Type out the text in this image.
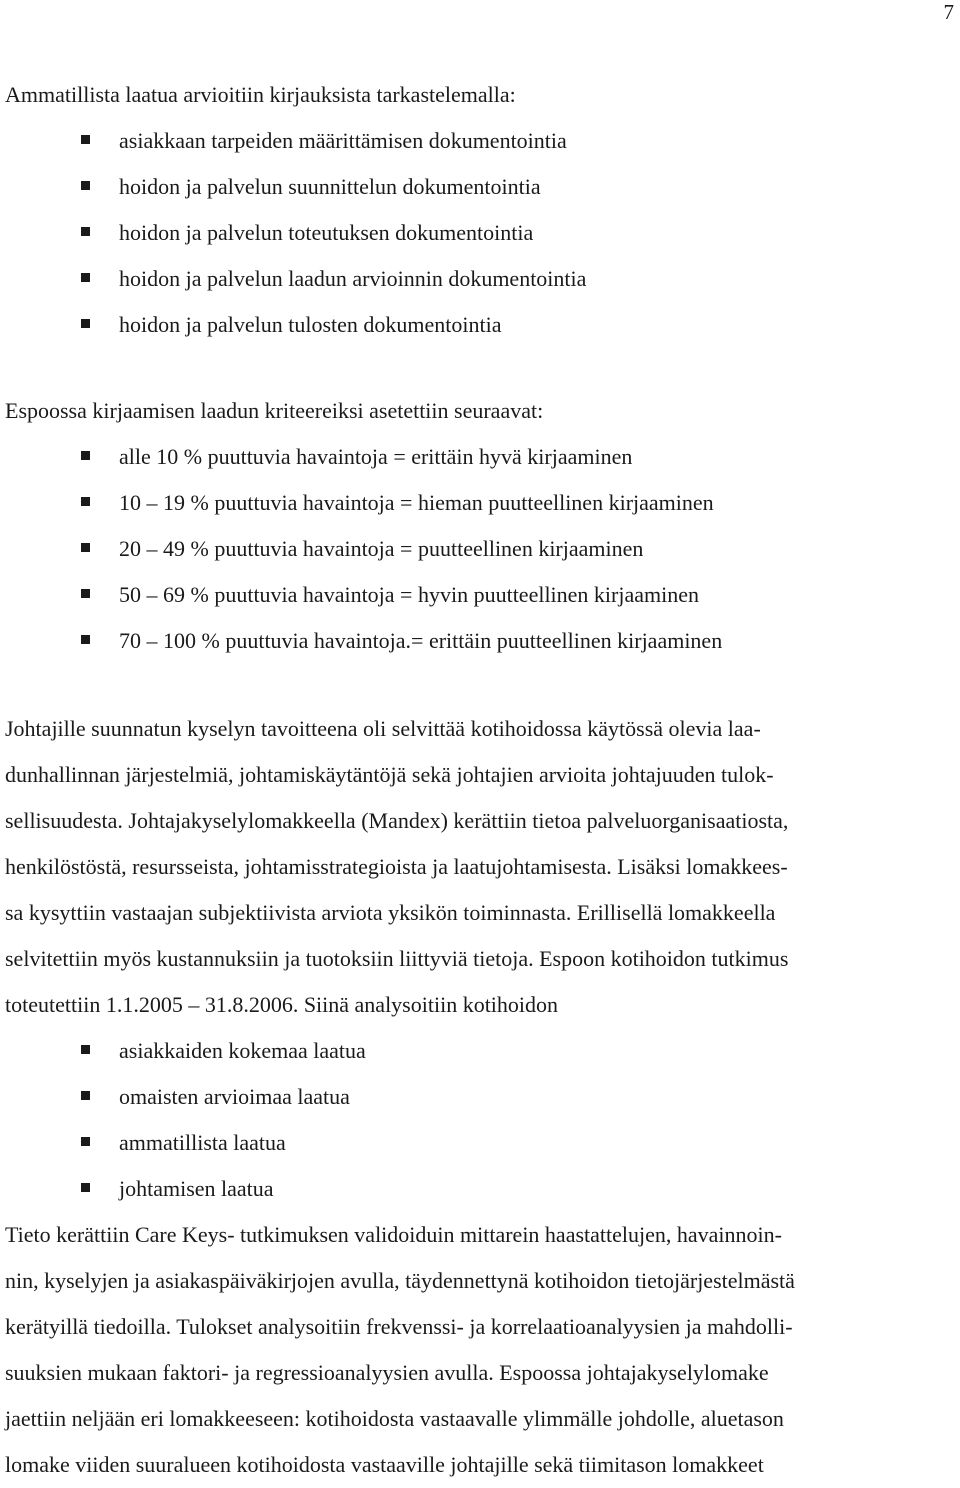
7

Ammatillista laatua arvioitiin kirjauksista tarkastelemalla:

asiakkaan tarpeiden määrittämisen dokumentointia
hoidon ja palvelun suunnittelun dokumentointia
hoidon ja palvelun toteutuksen dokumentointia
hoidon ja palvelun laadun arvioinnin dokumentointia
hoidon ja palvelun tulosten dokumentointia

Espoossa kirjaamisen laadun kriteereiksi asetettiin seuraavat:

alle 10 % puuttuvia havaintoja = erittäin hyvä kirjaaminen
10 – 19 % puuttuvia havaintoja = hieman puutteellinen kirjaaminen
20 – 49 % puuttuvia havaintoja = puutteellinen kirjaaminen
50 – 69 % puuttuvia havaintoja = hyvin puutteellinen kirjaaminen
70 – 100 % puuttuvia havaintoja.= erittäin puutteellinen kirjaaminen

Johtajille suunnatun kyselyn tavoitteena oli selvittää kotihoidossa käytössä olevia laa-
dunhallinnan järjestelmiä, johtamiskäytäntöjä sekä johtajien arvioita johtajuuden tulok-
sellisuudesta. Johtajakyselylomakkeella (Mandex) kerättiin tietoa palveluorganisaatiosta,
henkilöstöstä, resursseista, johtamisstrategioista ja laatujohtamisesta. Lisäksi lomakkees-
sa kysyttiin vastaajan subjektiivista arviota yksikön toiminnasta. Erillisellä lomakkeella
selvitettiin myös kustannuksiin ja tuotoksiin liittyviä tietoja. Espoon kotihoidon tutkimus
toteutettiin 1.1.2005 – 31.8.2006. Siinä analysoitiin kotihoidon

asiakkaiden kokemaa laatua
omaisten arvioimaa laatua
ammatillista laatua
johtamisen laatua

Tieto kerättiin Care Keys- tutkimuksen validoiduin mittarein haastattelujen, havainnoin-
nin, kyselyjen ja asiakaspäiväkirjojen avulla, täydennettynä kotihoidon tietojärjestelmästä
kerätyillä tiedoilla. Tulokset analysoitiin frekvenssi- ja korrelaatioanalyysien ja mahdolli-
suuksien mukaan faktori- ja regressioanalyysien avulla. Espoossa johtajakyselylomake
jaettiin neljään eri lomakkeeseen: kotihoidosta vastaavalle ylimmälle johdolle, aluetason
lomake viiden suuralueen kotihoidosta vastaaville johtajille sekä tiimitason lomakkeet
